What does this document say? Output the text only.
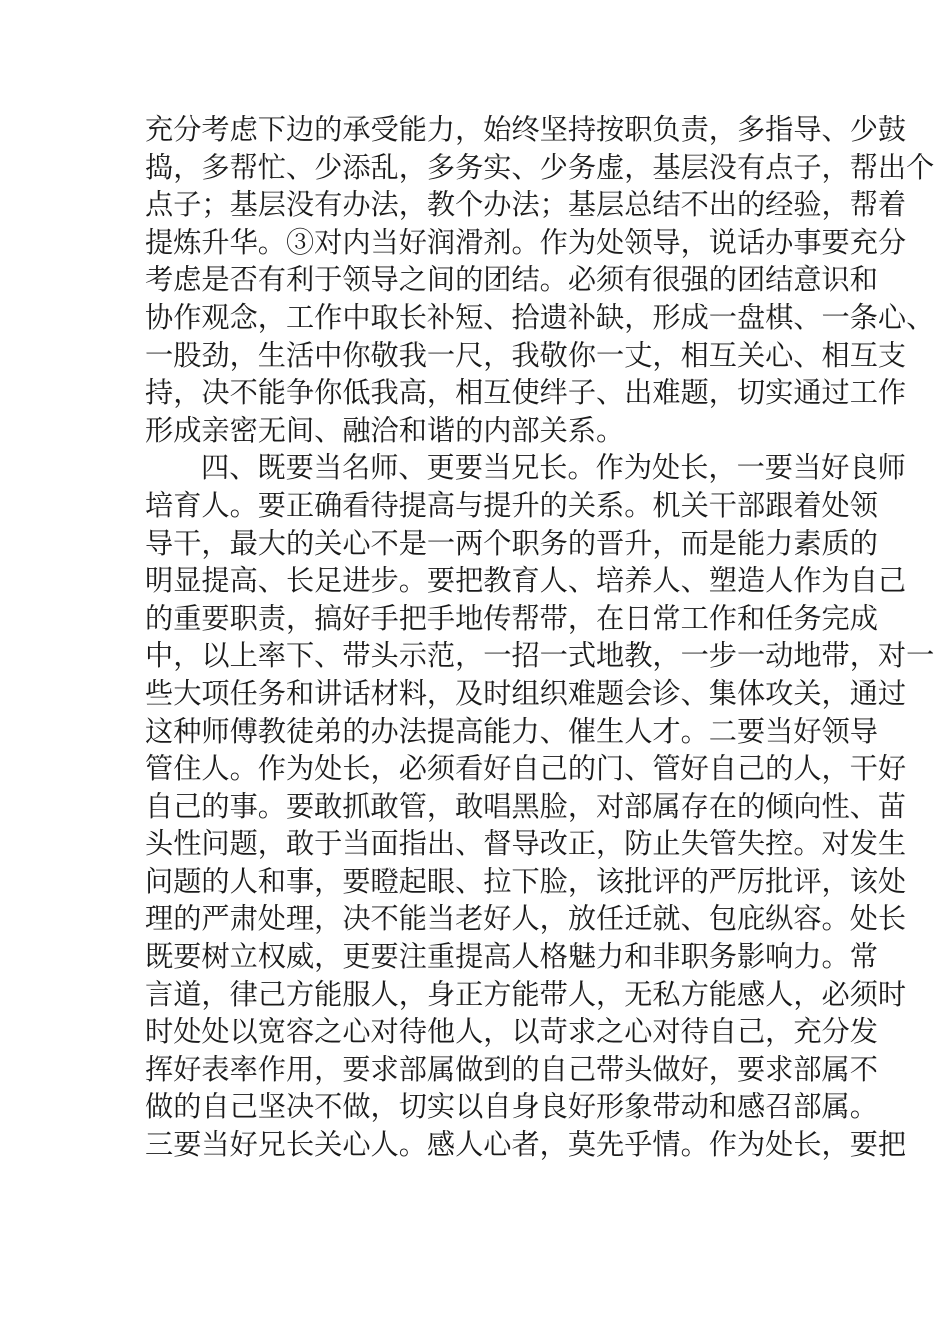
充分考虑下边的承受能力，始终坚持按职负责，多指导、少鼓
捣，多帮忙、少添乱，多务实、少务虚，基层没有点子，帮出个
点子；基层没有办法，教个办法；基层总结不出的经验，帮着
提炼升华。③对内当好润滑剂。作为处领导，说话办事要充分
考虑是否有利于领导之间的团结。必须有很强的团结意识和
协作观念，工作中取长补短、拾遗补缺，形成一盘棋、一条心、
一股劲，生活中你敬我一尺，我敬你一丈，相互关心、相互支
持，决不能争你低我高，相互使绊子、出难题，切实通过工作
形成亲密无间、融洽和谐的内部关系。
四、既要当名师、更要当兄长。作为处长，一要当好良师
培育人。要正确看待提高与提升的关系。机关干部跟着处领
导干，最大的关心不是一两个职务的晋升，而是能力素质的
明显提高、长足进步。要把教育人、培养人、塑造人作为自己
的重要职责，搞好手把手地传帮带，在日常工作和任务完成
中，以上率下、带头示范，一招一式地教，一步一动地带，对一
些大项任务和讲话材料，及时组织难题会诊、集体攻关，通过
这种师傅教徒弟的办法提高能力、催生人才。二要当好领导
管住人。作为处长，必须看好自己的门、管好自己的人，干好
自己的事。要敢抓敢管，敢唱黑脸，对部属存在的倾向性、苗
头性问题，敢于当面指出、督导改正，防止失管失控。对发生
问题的人和事，要瞪起眼、拉下脸，该批评的严厉批评，该处
理的严肃处理，决不能当老好人，放任迁就、包庇纵容。处长
既要树立权威，更要注重提高人格魅力和非职务影响力。常
言道，律己方能服人，身正方能带人，无私方能感人，必须时
时处处以宽容之心对待他人，以苛求之心对待自己，充分发
挥好表率作用，要求部属做到的自己带头做好，要求部属不
做的自己坚决不做，切实以自身良好形象带动和感召部属。
三要当好兄长关心人。感人心者，莫先乎情。作为处长，要把
